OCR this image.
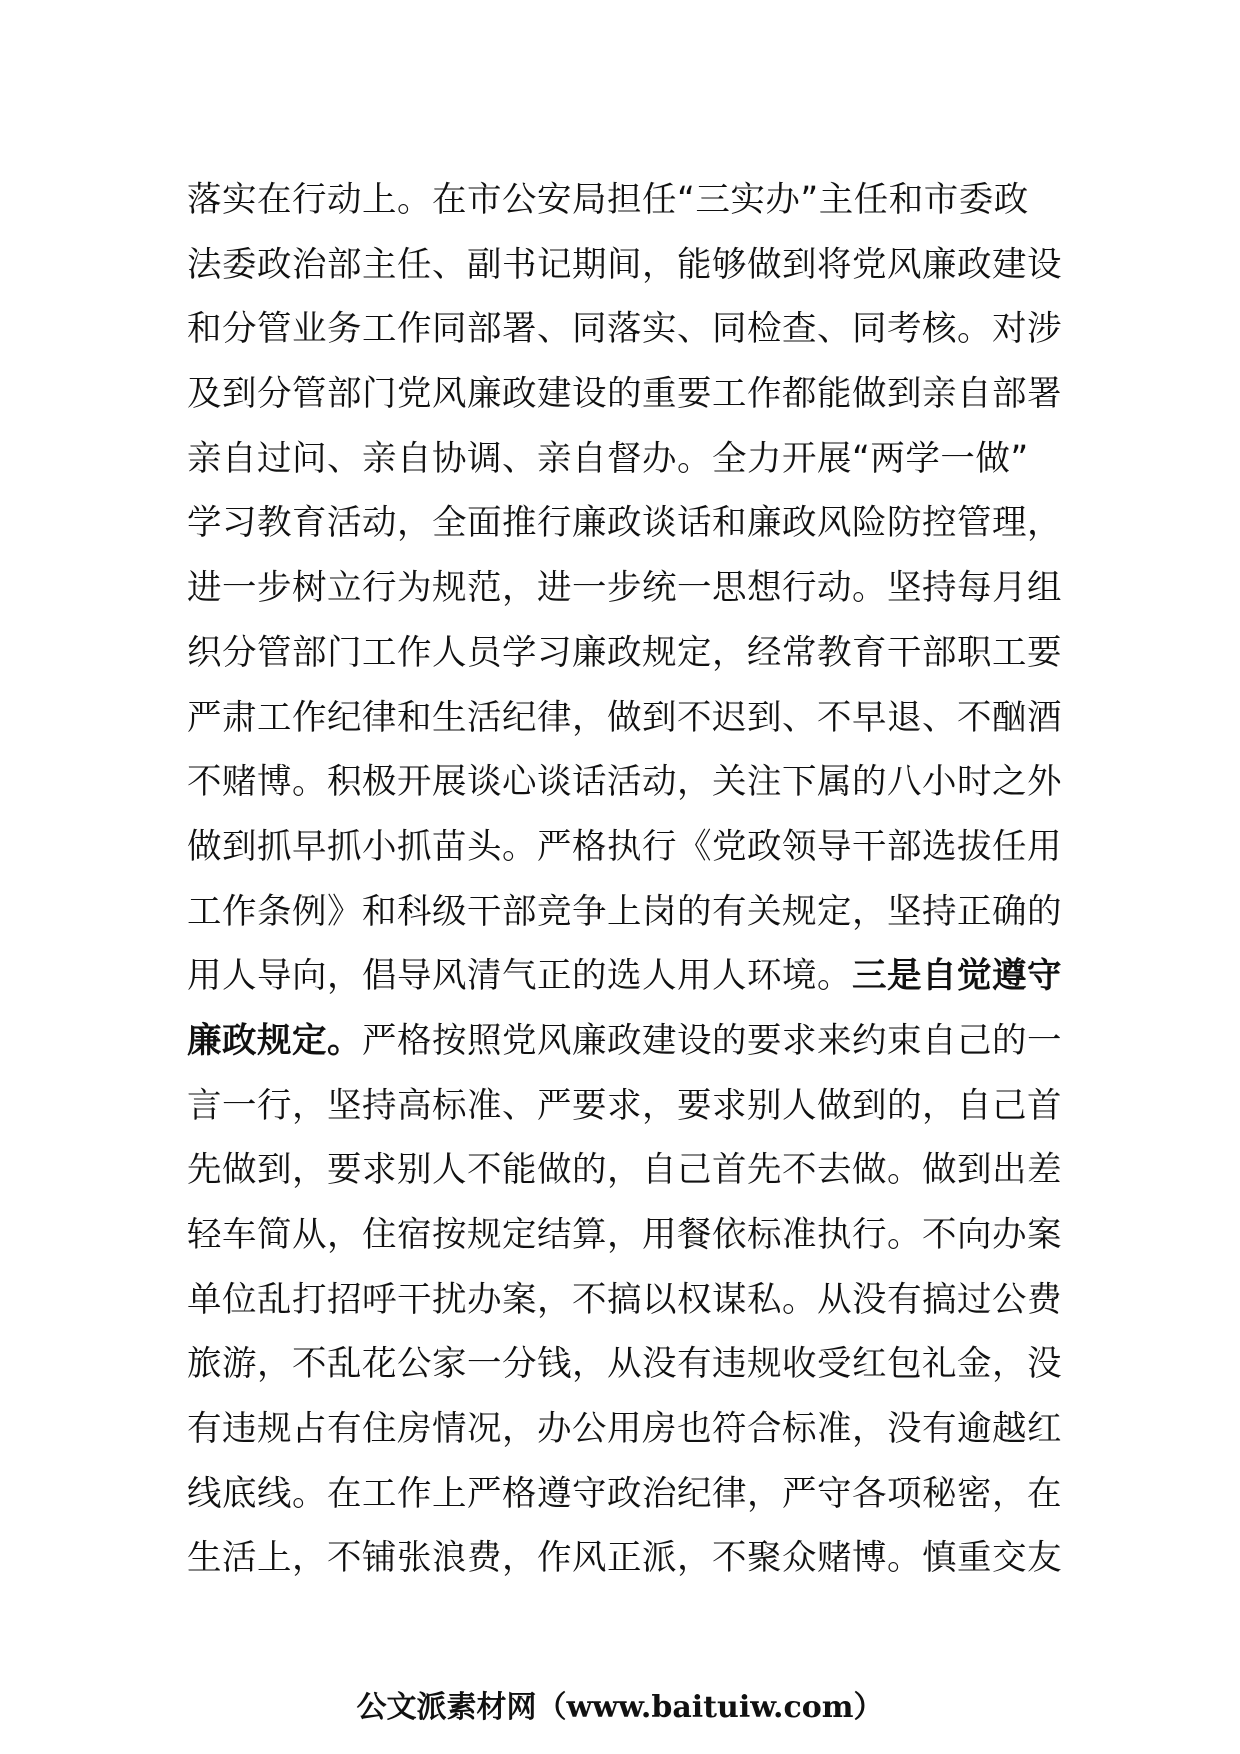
落实在行动上。在市公安局担任“三实办”主任和市委政
法委政治部主任、副书记期间，能够做到将党风廉政建设
和分管业务工作同部署、同落实、同检查、同考核。对涉
及到分管部门党风廉政建设的重要工作都能做到亲自部署
亲自过问、亲自协调、亲自督办。全力开展“两学一做”
学习教育活动，全面推行廉政谈话和廉政风险防控管理，
进一步树立行为规范，进一步统一思想行动。坚持每月组
织分管部门工作人员学习廉政规定，经常教育干部职工要
严肃工作纪律和生活纪律，做到不迟到、不早退、不酗酒
不赌博。积极开展谈心谈话活动，关注下属的八小时之外
做到抓早抓小抓苗头。严格执行《党政领导干部选拔任用
工作条例》和科级干部竞争上岗的有关规定，坚持正确的
用人导向，倡导风清气正的选人用人环境。三是自觉遵守
廉政规定。严格按照党风廉政建设的要求来约束自己的一
言一行，坚持高标准、严要求，要求别人做到的，自己首
先做到，要求别人不能做的，自己首先不去做。做到出差
轻车简从，住宿按规定结算，用餐依标准执行。不向办案
单位乱打招呼干扰办案，不搞以权谋私。从没有搞过公费
旅游，不乱花公家一分钱，从没有违规收受红包礼金，没
有违规占有住房情况，办公用房也符合标准，没有逾越红
线底线。在工作上严格遵守政治纪律，严守各项秘密，在
生活上，不铺张浪费，作风正派，不聚众赌博。慎重交友
公文派素材网（www.baituiw.com）
